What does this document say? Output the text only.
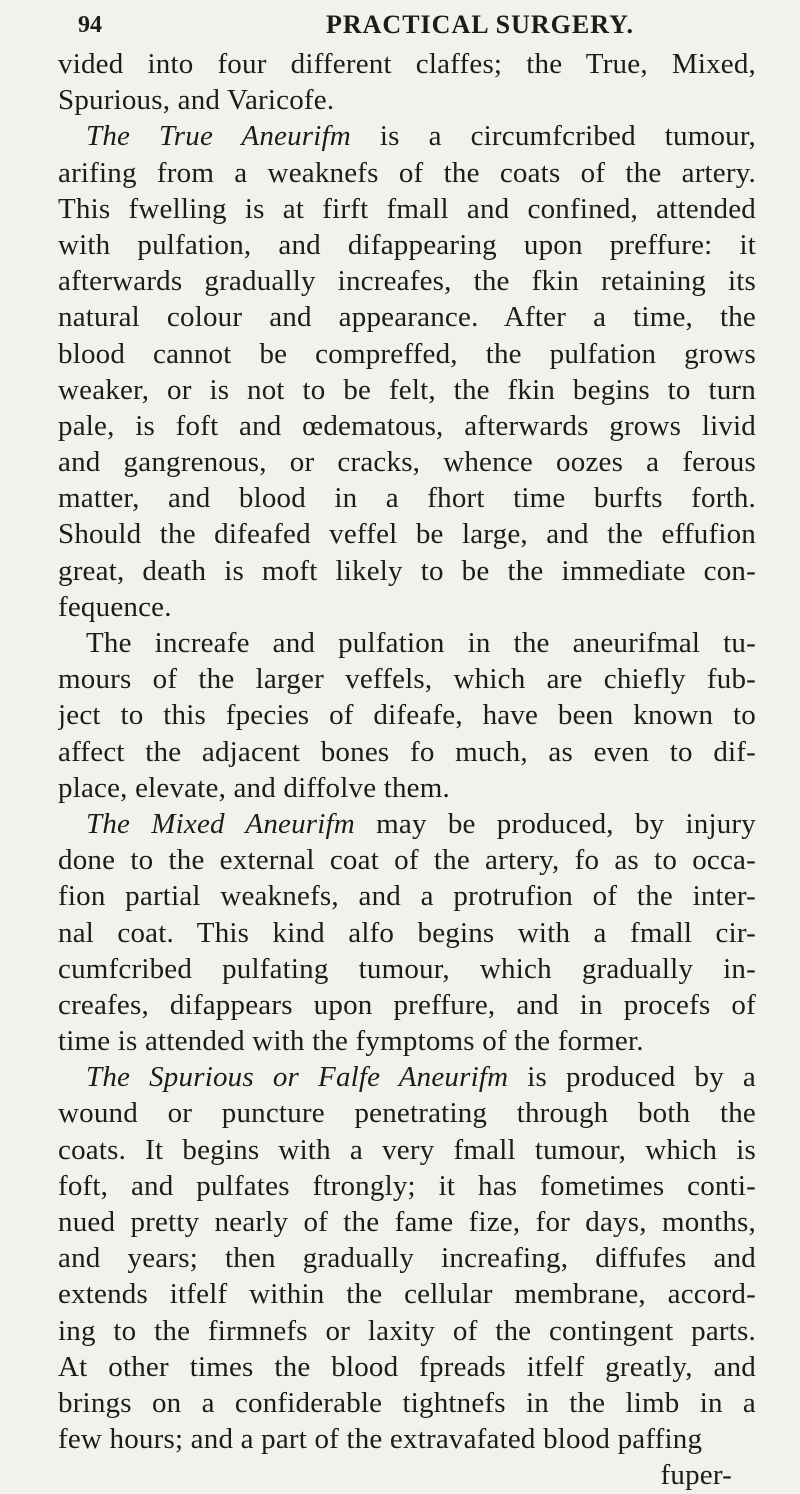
94	PRACTICAL SURGERY.
vided into four different claffes; the True, Mixed,
Spurious, and Varicofe.
The True Aneurifm is a circumfcribed tumour,
arifing from a weaknefs of the coats of the artery.
This fwelling is at firft fmall and confined, attended
with pulfation, and difappearing upon preffure: it
afterwards gradually increafes, the fkin retaining its
natural colour and appearance. After a time, the
blood cannot be compreffed, the pulfation grows
weaker, or is not to be felt, the fkin begins to turn
pale, is foft and œdematous, afterwards grows livid
and gangrenous, or cracks, whence oozes a ferous
matter, and blood in a fhort time burfts forth.
Should the difeafed veffel be large, and the effufion
great, death is moft likely to be the immediate con-
fequence.
The increafe and pulfation in the aneurifmal tu-
mours of the larger veffels, which are chiefly fub-
ject to this fpecies of difeafe, have been known to
affect the adjacent bones fo much, as even to dif-
place, elevate, and diffolve them.
The Mixed Aneurifm may be produced, by injury
done to the external coat of the artery, fo as to occa-
fion partial weaknefs, and a protrufion of the inter-
nal coat. This kind alfo begins with a fmall cir-
cumfcribed pulfating tumour, which gradually in-
creafes, difappears upon preffure, and in procefs of
time is attended with the fymptoms of the former.
The Spurious or Falfe Aneurifm is produced by a
wound or puncture penetrating through both the
coats. It begins with a very fmall tumour, which is
foft, and pulfates ftrongly; it has fometimes conti-
nued pretty nearly of the fame fize, for days, months,
and years; then gradually increafing, diffufes and
extends itfelf within the cellular membrane, accord-
ing to the firmnefs or laxity of the contingent parts.
At other times the blood fpreads itfelf greatly, and
brings on a confiderable tightnefs in the limb in a
few hours; and a part of the extravafated blood paffing
fuper-
